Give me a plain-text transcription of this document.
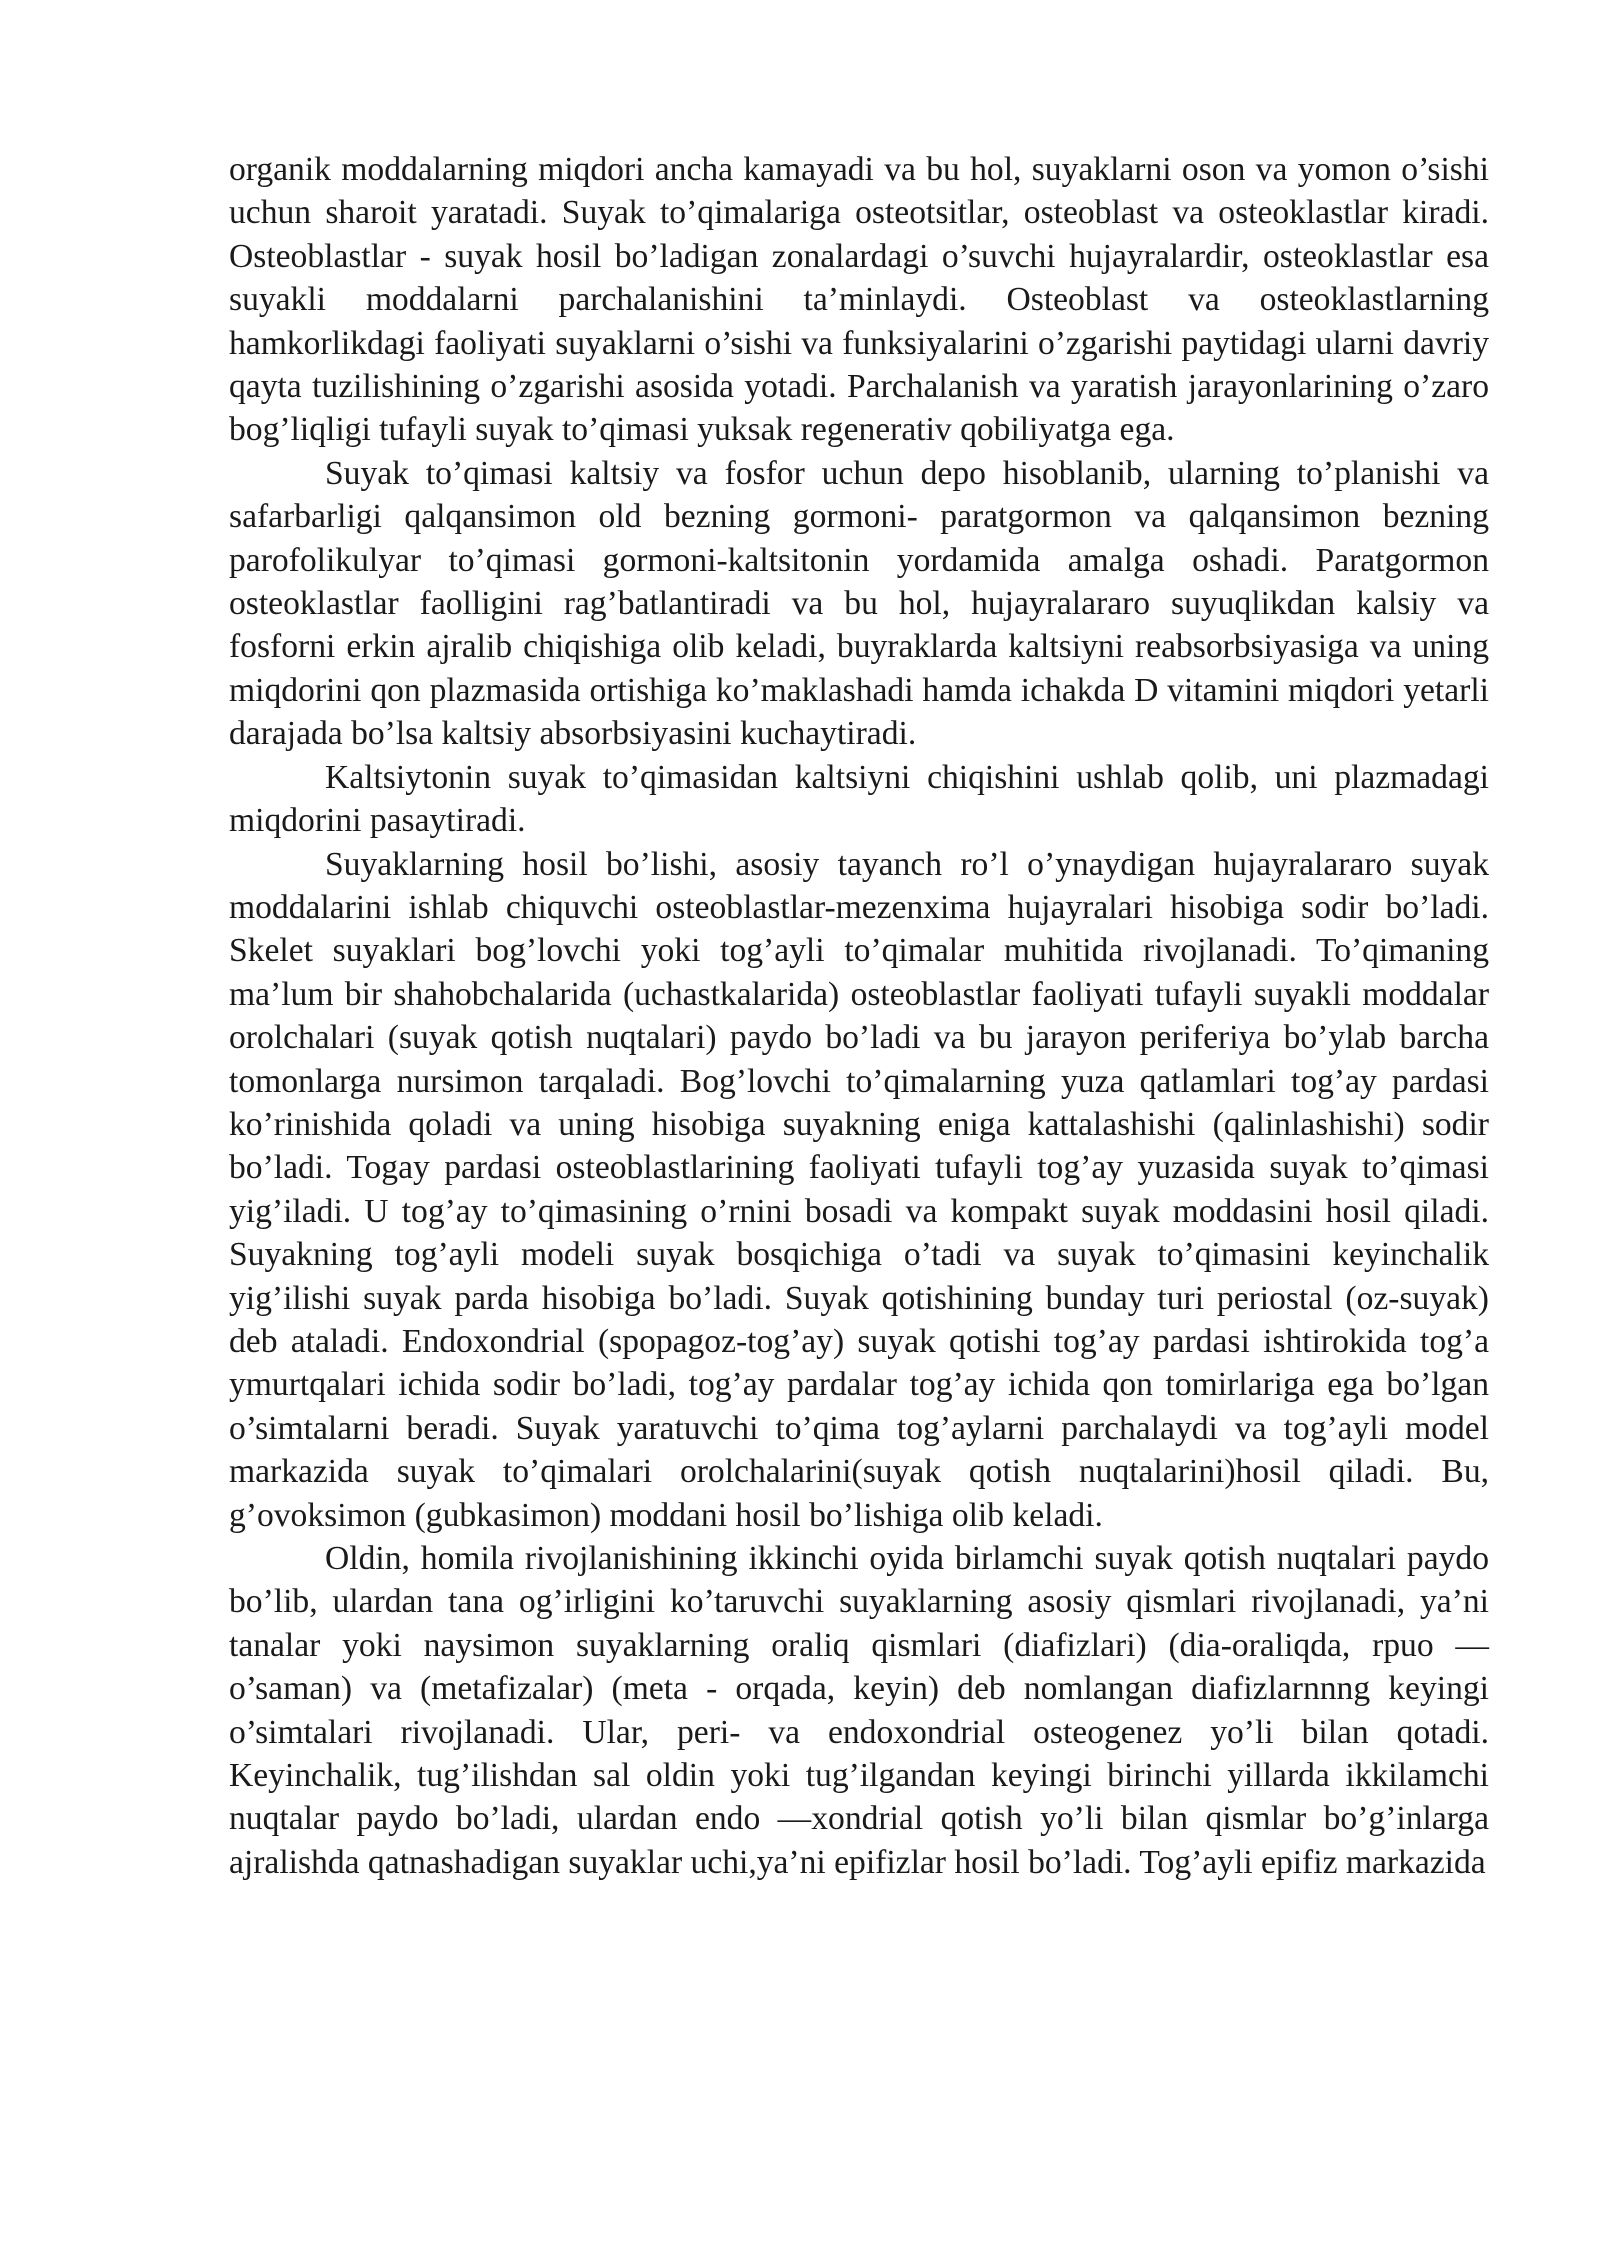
organik moddalarning miqdori ancha kamayadi va bu hol, suyaklarni oson va yomon o’sishi uchun sharoit yaratadi. Suyak to’qimalariga osteotsitlar, osteoblast va osteoklastlar kiradi. Osteoblastlar - suyak hosil bo’ladigan zonalardagi o’suvchi hujayralardir, osteoklastlar esa suyakli moddalarni parchalanishini ta’minlaydi. Osteoblast va osteoklastlarning hamkorlikdagi faoliyati suyaklarni o’sishi va funksiyalarini o’zgarishi paytidagi ularni davriy qayta tuzilishining o’zgarishi asosida yotadi. Parchalanish va yaratish jarayonlarining o’zaro bog’liqligi tufayli suyak to’qimasi yuksak regenerativ qobiliyatga ega.

Suyak to’qimasi kaltsiy va fosfor uchun depo hisoblanib, ularning to’planishi va safarbarligi qalqansimon old bezning gormoni- paratgormon va qalqansimon bezning parofolikulyar to’qimasi gormoni-kaltsitonin yordamida amalga oshadi. Paratgormon osteoklastlar faolligini rag’batlantiradi va bu hol, hujayralararo suyuqlikdan kalsiy va fosforni erkin ajralib chiqishiga olib keladi, buyraklarda kaltsiyni reabsorbsiyasiga va uning miqdorini qon plazmasida ortishiga ko’maklashadi hamda ichakda D vitamini miqdori yetarli darajada bo’lsa kaltsiy absorbsiyasini kuchaytiradi.

Kaltsiytonin suyak to’qimasidan kaltsiyni chiqishini ushlab qolib, uni plazmadagi miqdorini pasaytiradi.

Suyaklarning hosil bo’lishi, asosiy tayanch ro’l o’ynaydigan hujayralararo suyak moddalarini ishlab chiquvchi osteoblastlar-mezenxima hujayralari hisobiga sodir bo’ladi. Skelet suyaklari bog’lovchi yoki tog’ayli to’qimalar muhitida rivojlanadi. To’qimaning ma’lum bir shahobchalarida (uchastkalarida) osteoblastlar faoliyati tufayli suyakli moddalar orolchalari (suyak qotish nuqtalari) paydo bo’ladi va bu jarayon periferiya bo’ylab barcha tomonlarga nursimon tarqaladi. Bog’lovchi to’qimalarning yuza qatlamlari tog’ay pardasi ko’rinishida qoladi va uning hisobiga suyakning eniga kattalashishi (qalinlashishi) sodir bo’ladi. Togay pardasi osteoblastlarining faoliyati tufayli tog’ay yuzasida suyak to’qimasi yig’iladi. U tog’ay to’qimasining o’rnini bosadi va kompakt suyak moddasini hosil qiladi. Suyakning tog’ayli modeli suyak bosqichiga o’tadi va suyak to’qimasini keyinchalik yig’ilishi suyak parda hisobiga bo’ladi. Suyak qotishining bunday turi periostal (oz-suyak) deb ataladi. Endoxondrial (spopagoz-tog’ay) suyak qotishi tog’ay pardasi ishtirokida tog’a ymurtqalari ichida sodir bo’ladi, tog’ay pardalar tog’ay ichida qon tomirlariga ega bo’lgan o’simtalarni beradi. Suyak yaratuvchi to’qima tog’aylarni parchalaydi va tog’ayli model markazida suyak to’qimalari orolchalarini(suyak qotish nuqtalarini)hosil qiladi. Bu, g’ovoksimon (gubkasimon) moddani hosil bo’lishiga olib keladi.

Oldin, homila rivojlanishining ikkinchi oyida birlamchi suyak qotish nuqtalari paydo bo’lib, ulardan tana og’irligini ko’taruvchi suyaklarning asosiy qismlari rivojlanadi, ya’ni tanalar yoki naysimon suyaklarning oraliq qismlari (diafizlari) (dia-oraliqda, rpuo — o’saman) va (metafizalar) (meta - orqada, keyin) deb nomlangan diafizlarnnng keyingi o’simtalari rivojlanadi. Ular, peri- va endoxondrial osteogenez yo’li bilan qotadi. Keyinchalik, tug’ilishdan sal oldin yoki tug’ilgandan keyingi birinchi yillarda ikkilamchi nuqtalar paydo bo’ladi, ulardan endo —xondrial qotish yo’li bilan qismlar bo’g’inlarga ajralishda qatnashadigan suyaklar uchi,ya’ni epifizlar hosil bo’ladi. Tog’ayli epifiz markazida
